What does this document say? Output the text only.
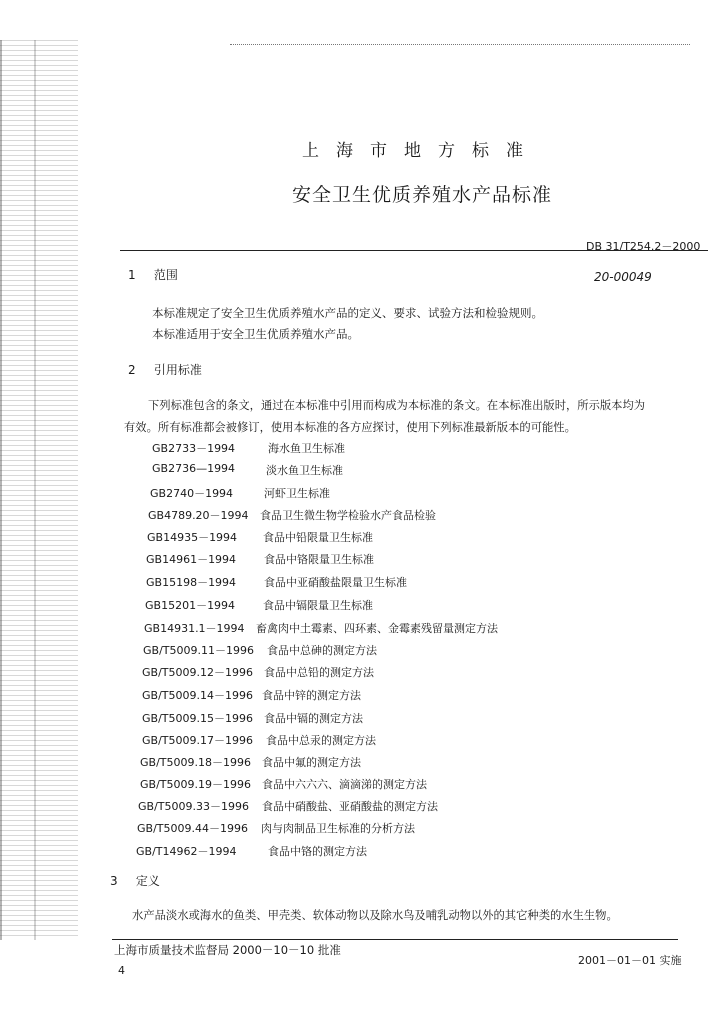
上海市地方标准
安全卫生优质养殖水产品标准
DB 31/T254.2－2000
20-00049
1 范围
本标准规定了安全卫生优质养殖水产品的定义、要求、试验方法和检验规则。
本标准适用于安全卫生优质养殖水产品。
2 引用标准
下列标准包含的条文，通过在本标准中引用而构成为本标准的条文。在本标准出版时，所示版本均为
有效。所有标准都会被修订，使用本标准的各方应探讨，使用下列标准最新版本的可能性。
GB2733－1994	海水鱼卫生标准
GB2736—1994	淡水鱼卫生标准
GB2740－1994	河虾卫生标准
GB4789.20－1994 食品卫生微生物学检验水产食品检验
GB14935－1994 食品中铅限量卫生标准
GB14961－1994	食品中铬限量卫生标准
GB15198－1994	食品中亚硝酸盐限量卫生标准
GB15201－1994	食品中镉限量卫生标准
GB14931.1－1994 畜禽肉中土霉素、四环素、金霉素残留量测定方法
GB/T5009.11－1996 食品中总砷的测定方法
GB/T5009.12－1996 食品中总铅的测定方法
GB/T5009.14－1996 食品中锌的测定方法
GB/T5009.15－1996 食品中镉的测定方法
GB/T5009.17－1996 食品中总汞的测定方法
GB/T5009.18－1996 食品中氟的测定方法
GB/T5009.19－1996 食品中六六六、滴滴涕的测定方法
GB/T5009.33－1996 食品中硝酸盐、亚硝酸盐的测定方法
GB/T5009.44－1996 肉与肉制品卫生标准的分析方法
GB/T14962－1994	食品中铬的测定方法
3 定义
水产品淡水或海水的鱼类、甲壳类、软体动物以及除水鸟及哺乳动物以外的其它种类的水生生物。
上海市质量技术监督局 2000－10－10 批准
2001－01－01 实施
4
